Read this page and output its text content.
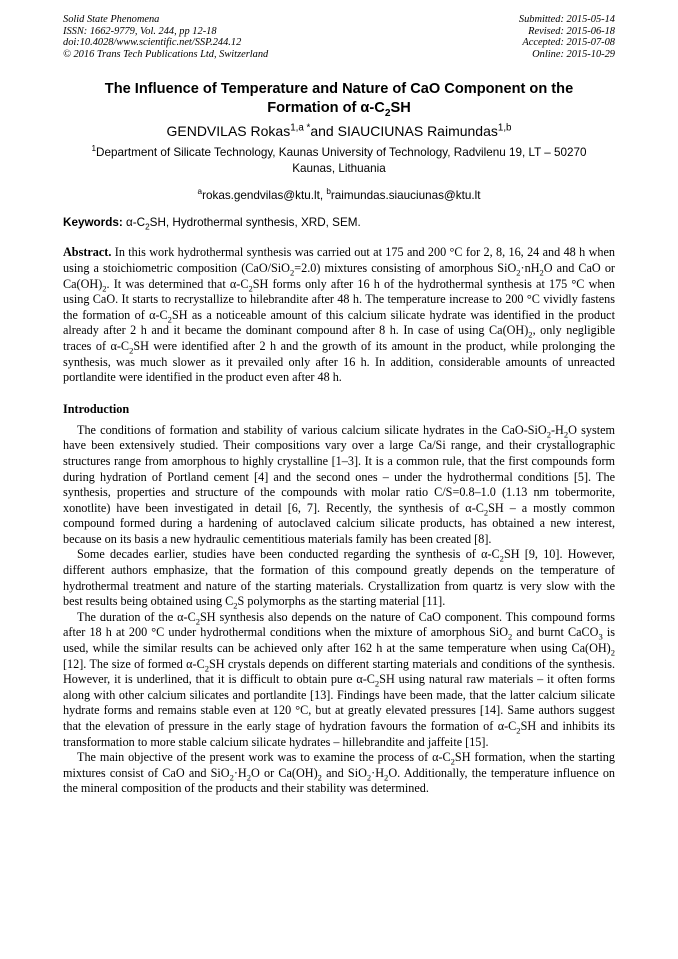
Solid State Phenomena
ISSN: 1662-9779, Vol. 244, pp 12-18
doi:10.4028/www.scientific.net/SSP.244.12
© 2016 Trans Tech Publications Ltd, Switzerland
Submitted: 2015-05-14
Revised: 2015-06-18
Accepted: 2015-07-08
Online: 2015-10-29
The Influence of Temperature and Nature of CaO Component on the
Formation of $\alpha-C_2SH$
GENDVILAS Rokas$^{1,a *}$and SIAUCIUNAS Raimundas$^{1,b}$
$^1$Department of Silicate Technology, Kaunas University of Technology, Radvilenu 19, LT – 50270
Kaunas, Lithuania
$^a$rokas.gendvilas@ktu.lt, $^b$raimundas.siauciunas@ktu.lt
Keywords: $\alpha-C_2SH$, Hydrothermal synthesis, XRD, SEM.
Abstract. In this work hydrothermal synthesis was carried out at 175 and 200 °C for 2, 8, 16, 24 and 48 h when using a stoichiometric composition (CaO/SiO$_2$=2.0) mixtures consisting of amorphous $SiO_2\cdot nH_2O$ and CaO or $Ca(OH)_2$. It was determined that $\alpha-C_2SH$ forms only after 16 h of the hydrothermal synthesis at 175 °C when using CaO. It starts to recrystallize to hilebrandite after 48 h. The temperature increase to 200 °C vividly fastens the formation of $\alpha-C_2SH$ as a noticeable amount of this calcium silicate hydrate was identified in the product already after 2 h and it became the dominant compound after 8 h. In case of using $Ca(OH)_2$, only negligible traces of $\alpha-C_2SH$ were identified after 2 h and the growth of its amount in the product, while prolonging the synthesis, was much slower as it prevailed only after 16 h. In addition, considerable amounts of unreacted portlandite were identified in the product even after 48 h.
Introduction

The conditions of formation and stability of various calcium silicate hydrates in the CaO-$SiO_2-H_2O$ system have been extensively studied. Their compositions vary over a large Ca/Si range, and their crystallographic structures range from amorphous to highly crystalline [1–3]. It is a common rule, that the first compounds form during hydration of Portland cement [4] and the second ones – under the hydrothermal conditions [5]. The synthesis, properties and structure of the compounds with molar ratio C/S=0.8–1.0 (1.13 nm tobermorite, xonotlite) have been investigated in detail [6, 7]. Recently, the synthesis of $\alpha-C_2SH$ – a mostly common compound formed during a hardening of autoclaved calcium silicate products, has obtained a new interest, because on its basis a new hydraulic cementitious materials family has been created [8].

Some decades earlier, studies have been conducted regarding the synthesis of $\alpha-C_2SH$ [9, 10]. However, different authors emphasize, that the formation of this compound greatly depends on the temperature of hydrothermal treatment and nature of the starting materials. Crystallization from quartz is very slow with the best results being obtained using $C_2S$ polymorphs as the starting material [11].

The duration of the $\alpha-C_2SH$ synthesis also depends on the nature of CaO component. This compound forms after 18 h at 200 °C under hydrothermal conditions when the mixture of amorphous SiO$_2$ and burnt CaCO$_3$ is used, while the similar results can be achieved only after 162 h at the same temperature when using $Ca(OH)_2$ [12]. The size of formed $\alpha-C_2SH$ crystals depends on different starting materials and conditions of the synthesis. However, it is underlined, that it is difficult to obtain pure $\alpha-C_2SH$ using natural raw materials – it often forms along with other calcium silicates and portlandite [13]. Findings have been made, that the latter calcium silicate hydrate forms and remains stable even at 120 °C, but at greatly elevated pressures [14]. Same authors suggest that the elevation of pressure in the early stage of hydration favours the formation of $\alpha-C_2SH$ and inhibits its transformation to more stable calcium silicate hydrates – hillebrandite and jaffeite [15].

The main objective of the present work was to examine the process of $\alpha-C_2SH$ formation, when the starting mixtures consist of CaO and $SiO_2\cdot H_2O$ or $Ca(OH)_2$ and $SiO_2\cdot H_2O$. Additionally, the temperature influence on the mineral composition of the products and their stability was determined.
